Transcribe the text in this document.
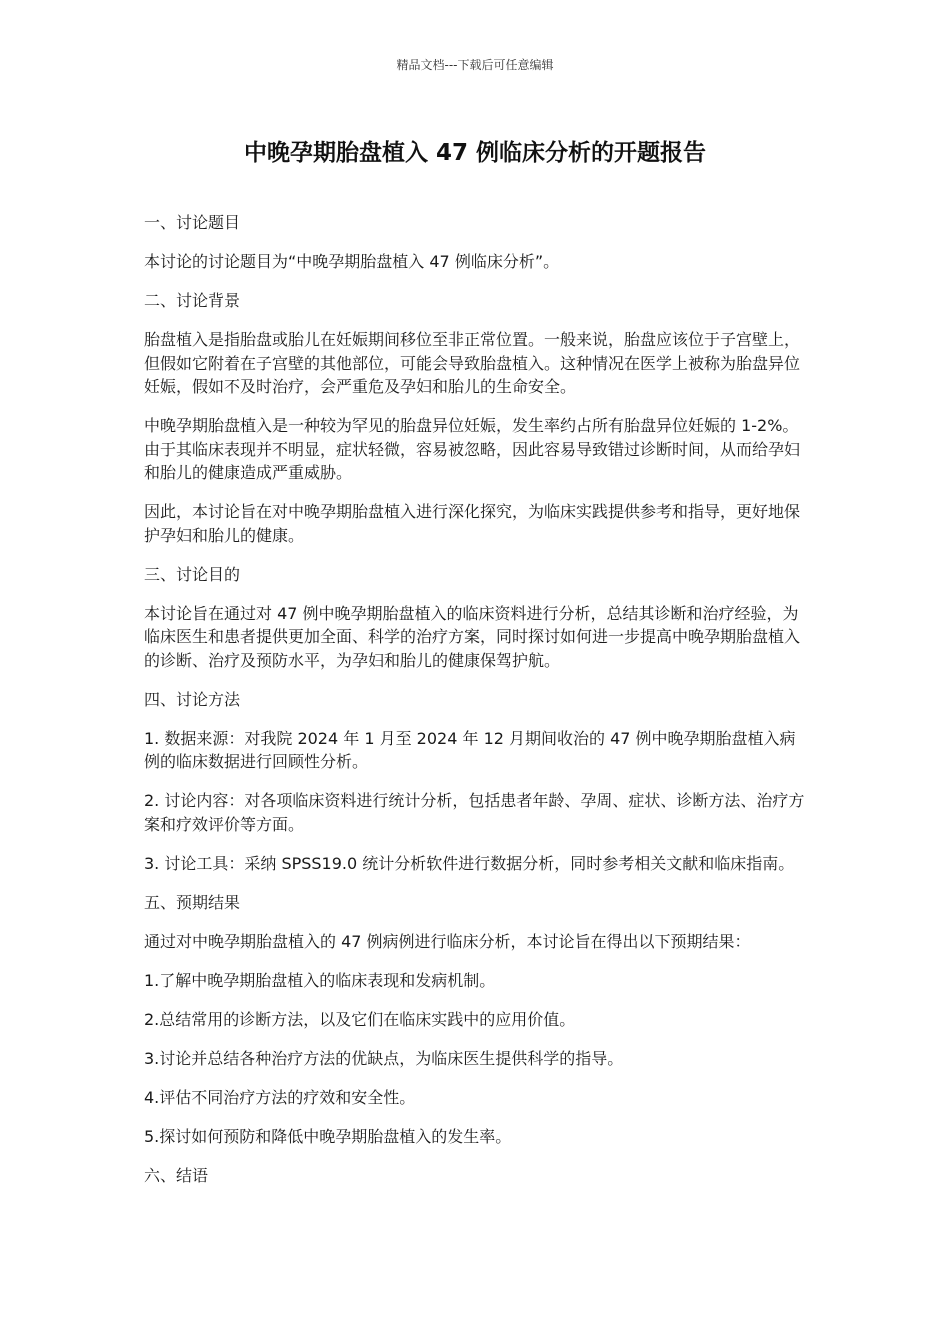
精品文档---下载后可任意编辑
中晚孕期胎盘植入 47 例临床分析的开题报告

一、讨论题目

本讨论的讨论题目为“中晚孕期胎盘植入 47 例临床分析”。

二、讨论背景

胎盘植入是指胎盘或胎儿在妊娠期间移位至非正常位置。一般来说，胎盘应该位于子宫壁上，但假如它附着在子宫壁的其他部位，可能会导致胎盘植入。这种情况在医学上被称为胎盘异位妊娠，假如不及时治疗，会严重危及孕妇和胎儿的生命安全。

中晚孕期胎盘植入是一种较为罕见的胎盘异位妊娠，发生率约占所有胎盘异位妊娠的 1-2%。由于其临床表现并不明显，症状轻微，容易被忽略，因此容易导致错过诊断时间，从而给孕妇和胎儿的健康造成严重威胁。

因此，本讨论旨在对中晚孕期胎盘植入进行深化探究，为临床实践提供参考和指导，更好地保护孕妇和胎儿的健康。

三、讨论目的

本讨论旨在通过对 47 例中晚孕期胎盘植入的临床资料进行分析，总结其诊断和治疗经验，为临床医生和患者提供更加全面、科学的治疗方案，同时探讨如何进一步提高中晚孕期胎盘植入的诊断、治疗及预防水平，为孕妇和胎儿的健康保驾护航。

四、讨论方法

1. 数据来源：对我院 2024 年 1 月至 2024 年 12 月期间收治的 47 例中晚孕期胎盘植入病例的临床数据进行回顾性分析。

2. 讨论内容：对各项临床资料进行统计分析，包括患者年龄、孕周、症状、诊断方法、治疗方案和疗效评价等方面。

3. 讨论工具：采纳 SPSS19.0 统计分析软件进行数据分析，同时参考相关文献和临床指南。

五、预期结果

通过对中晚孕期胎盘植入的 47 例病例进行临床分析，本讨论旨在得出以下预期结果：

1.了解中晚孕期胎盘植入的临床表现和发病机制。

2.总结常用的诊断方法，以及它们在临床实践中的应用价值。

3.讨论并总结各种治疗方法的优缺点，为临床医生提供科学的指导。

4.评估不同治疗方法的疗效和安全性。

5.探讨如何预防和降低中晚孕期胎盘植入的发生率。

六、结语
